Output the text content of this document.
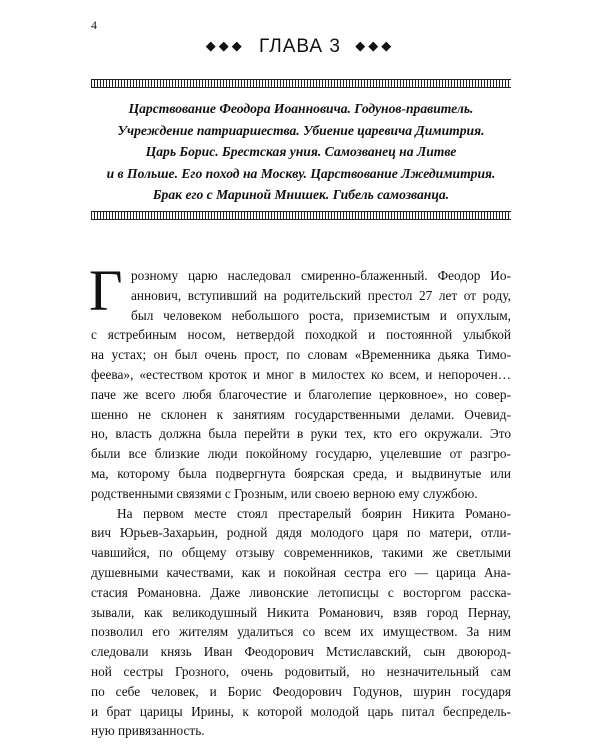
4
◆◆◆ ГЛАВА 3 ◆◆◆
Царствование Феодора Иоанновича. Годунов-правитель.
Учреждение патриаршества. Убиение царевича Димитрия.
Царь Борис. Брестская уния. Самозванец на Литве
и в Польше. Его поход на Москву. Царствование Лжедимитрия.
Брак его с Мариной Мнишек. Гибель самозванца.
Г розному царю наследовал смиренно-блаженный. Феодор Ио-
аннович, вступивший на родительский престол 27 лет от роду,
был человеком небольшого роста, приземистым и опухлым,
с ястребиным носом, нетвердой походкой и постоянной улыбкой
на устах; он был очень прост, по словам «Временника дьяка Тимо-
феева», «естеством кроток и мног в милостех ко всем, и непорочен…
паче же всего любя благочестие и благолепие церковное», но совер-
шенно не склонен к занятиям государственными делами. Очевид-
но, власть должна была перейти в руки тех, кто его окружали. Это
были все близкие люди покойному государю, уцелевшие от разгро-
ма, которому была подвергнута боярская среда, и выдвинутые или
родственными связями с Грозным, или своею верною ему службою.
На первом месте стоял престарелый боярин Никита Романо-
вич Юрьев-Захарьин, родной дядя молодого царя по матери, отли-
чавшийся, по общему отзыву современников, такими же светлыми
душевными качествами, как и покойная сестра его — царица Ана-
стасия Романовна. Даже ливонские летописцы с восторгом расска-
зывали, как великодушный Никита Романович, взяв город Пернау,
позволил его жителям удалиться со всем их имуществом. За ним
следовали князь Иван Феодорович Мстиславский, сын двоюрод-
ной сестры Грозного, очень родовитый, но незначительный сам
по себе человек, и Борис Феодорович Годунов, шурин государя
и брат царицы Ирины, к которой молодой царь питал беспредель-
ную привязанность.
